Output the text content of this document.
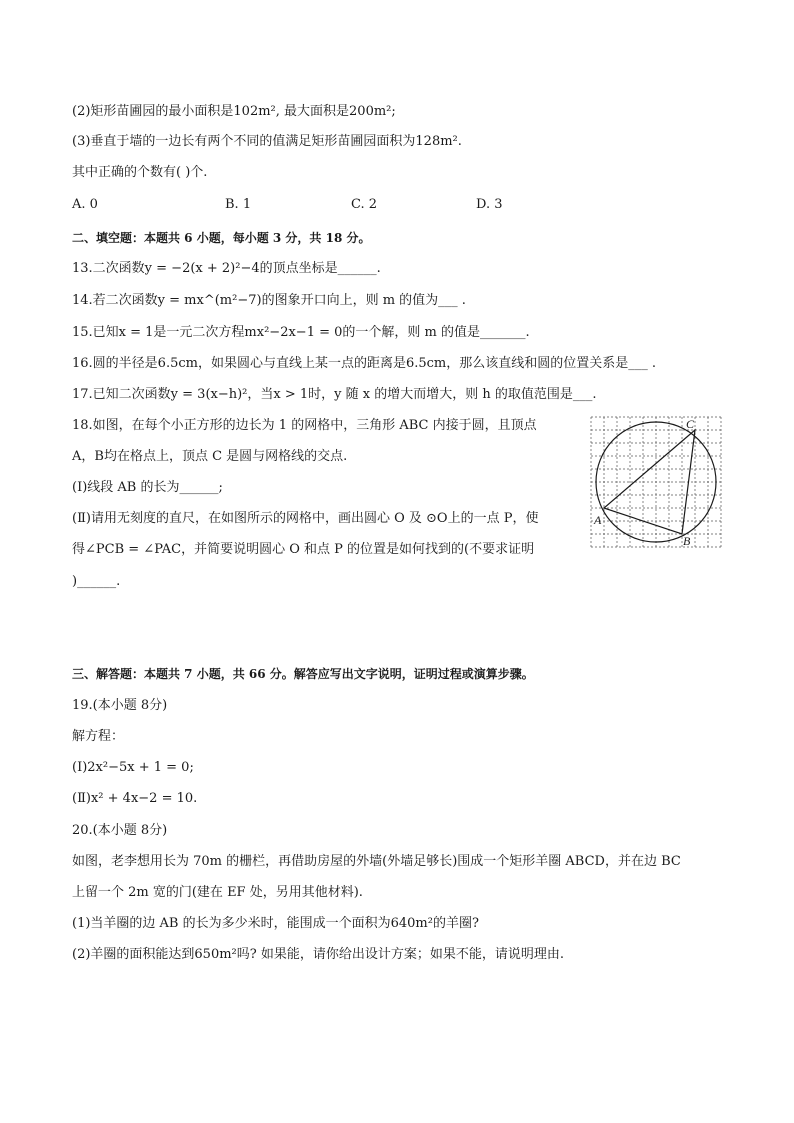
(2)矩形苗圃园的最小面积是102m², 最大面积是200m²;
(3)垂直于墙的一边长有两个不同的值满足矩形苗圃园面积为128m².
其中正确的个数有( )个.
A. 0	B. 1	C. 2	D. 3
二、填空题：本题共 6 小题，每小题 3 分，共 18 分。
13.二次函数y = −2(x + 2)²−4的顶点坐标是______.
14.若二次函数y = mx^(m²−7)的图象开口向上，则 m 的值为___ .
15.已知x = 1是一元二次方程mx²−2x−1 = 0的一个解，则 m 的值是_______.
16.圆的半径是6.5cm，如果圆心与直线上某一点的距离是6.5cm，那么该直线和圆的位置关系是___ .
17.已知二次函数y = 3(x−h)²，当x > 1时，y 随 x 的增大而增大，则 h 的取值范围是___.
18.如图，在每个小正方形的边长为 1 的网格中，三角形 ABC 内接于圆，且顶点
A，B均在格点上，顶点 C 是圆与网格线的交点.
(Ⅰ)线段 AB 的长为______;
(Ⅱ)请用无刻度的直尺，在如图所示的网格中，画出圆心 O 及 ⊙O上的一点 P，使
得∠PCB = ∠PAC，并简要说明圆心 O 和点 P 的位置是如何找到的(不要求证明
)______.
A
B
C
三、解答题：本题共 7 小题，共 66 分。解答应写出文字说明，证明过程或演算步骤。
19.(本小题 8分)
解方程：
(Ⅰ)2x²−5x + 1 = 0;
(Ⅱ)x² + 4x−2 = 10.
20.(本小题 8分)
如图，老李想用长为 70m 的栅栏，再借助房屋的外墙(外墙足够长)围成一个矩形羊圈 ABCD，并在边 BC
上留一个 2m 宽的门(建在 EF 处，另用其他材料).
(1)当羊圈的边 AB 的长为多少米时，能围成一个面积为640m²的羊圈?
(2)羊圈的面积能达到650m²吗? 如果能，请你给出设计方案；如果不能，请说明理由.
